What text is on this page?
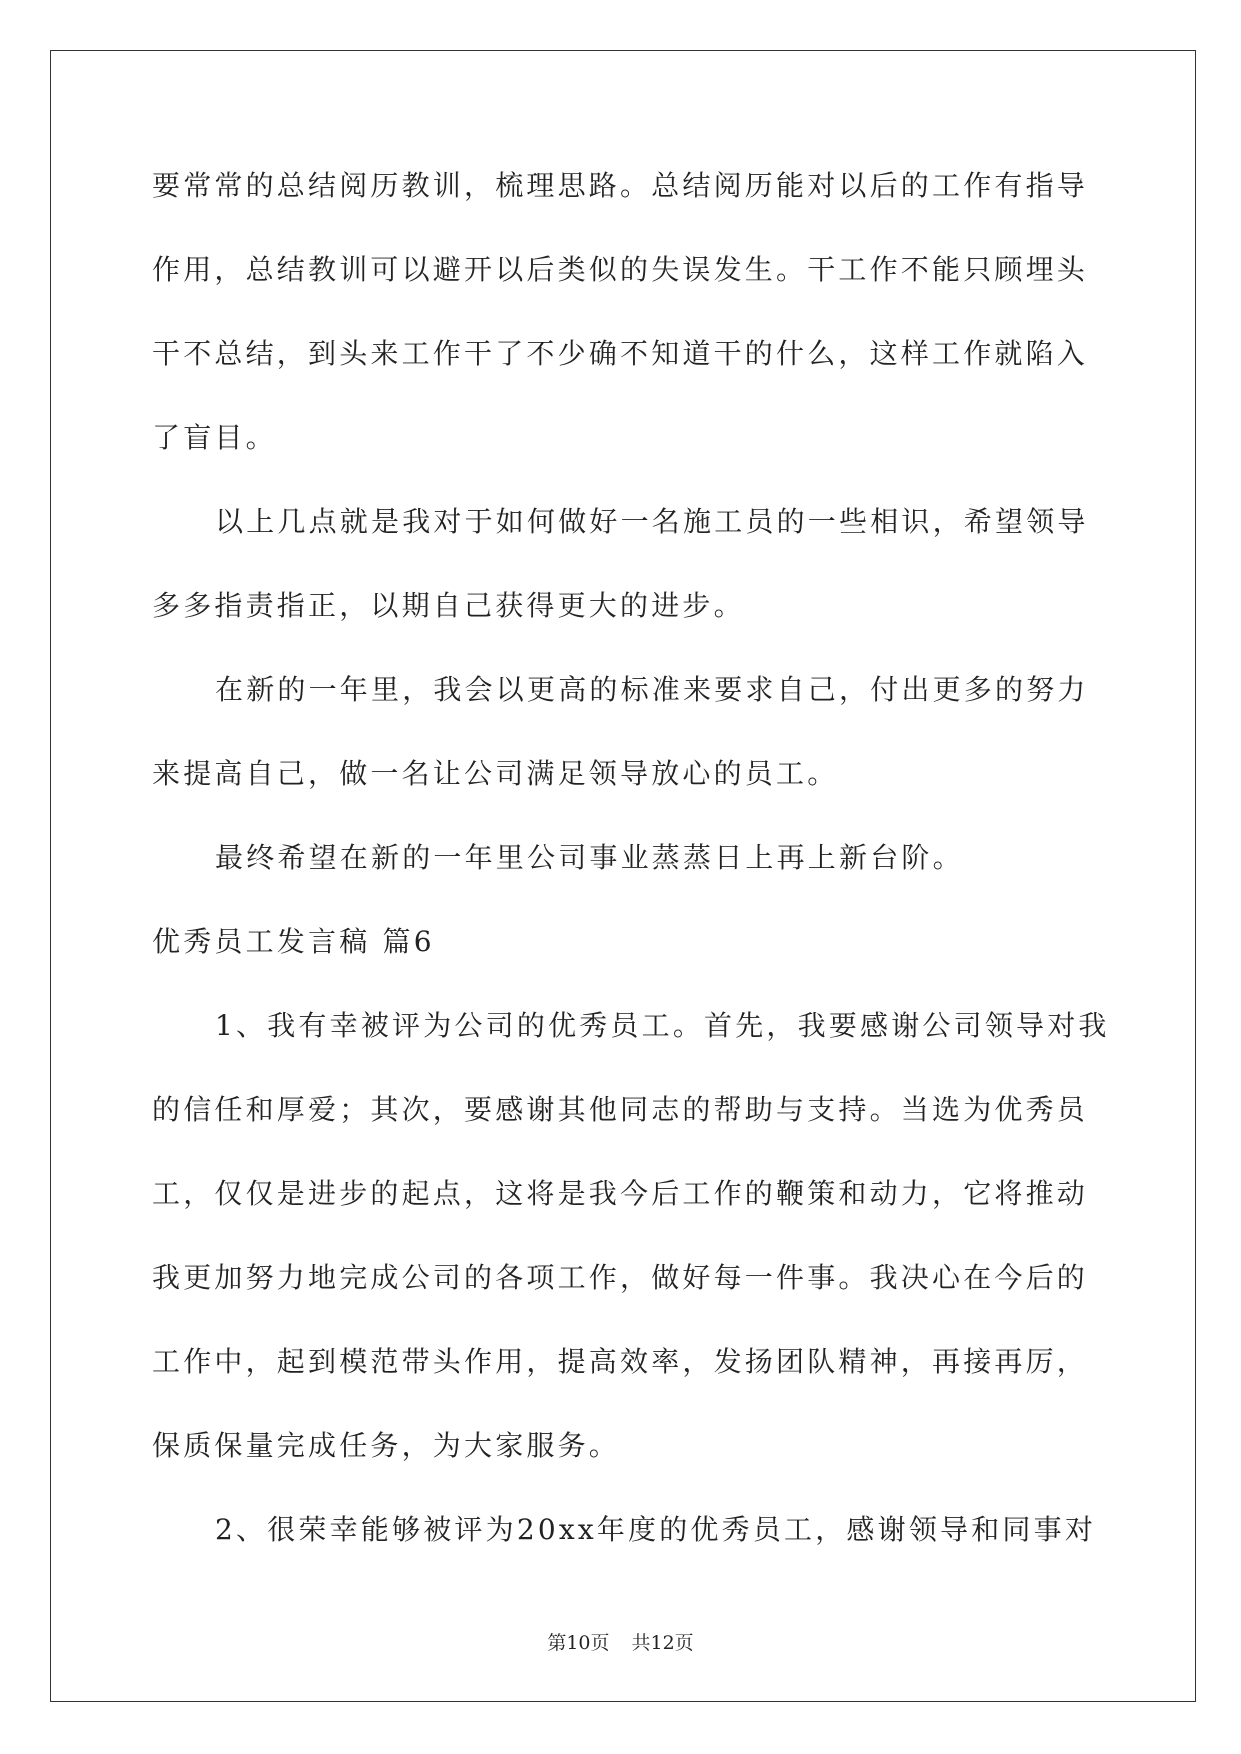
要常常的总结阅历教训，梳理思路。总结阅历能对以后的工作有指导
作用，总结教训可以避开以后类似的失误发生。干工作不能只顾埋头
干不总结，到头来工作干了不少确不知道干的什么，这样工作就陷入
了盲目。
以上几点就是我对于如何做好一名施工员的一些相识，希望领导
多多指责指正，以期自己获得更大的进步。
在新的一年里，我会以更高的标准来要求自己，付出更多的努力
来提高自己，做一名让公司满足领导放心的员工。
最终希望在新的一年里公司事业蒸蒸日上再上新台阶。
优秀员工发言稿 篇6
1、我有幸被评为公司的优秀员工。首先，我要感谢公司领导对我
的信任和厚爱；其次，要感谢其他同志的帮助与支持。当选为优秀员
工，仅仅是进步的起点，这将是我今后工作的鞭策和动力，它将推动
我更加努力地完成公司的各项工作，做好每一件事。我决心在今后的
工作中，起到模范带头作用，提高效率，发扬团队精神，再接再厉，
保质保量完成任务，为大家服务。
2、很荣幸能够被评为20xx年度的优秀员工，感谢领导和同事对
第10页 共12页
